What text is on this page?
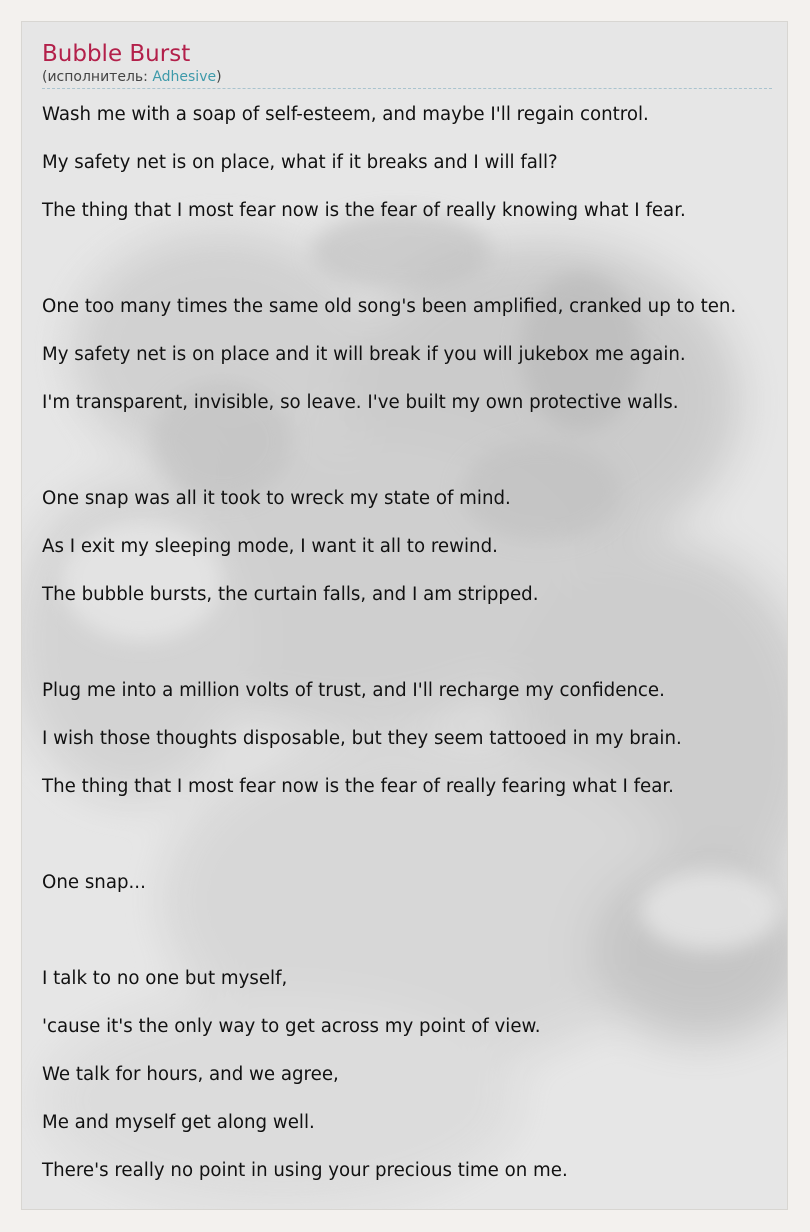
Bubble Burst
(исполнитель: Adhesive)
Wash me with a soap of self-esteem, and maybe I'll regain control.
My safety net is on place, what if it breaks and I will fall?
The thing that I most fear now is the fear of really knowing what I fear.
One too many times the same old song's been amplified, cranked up to ten.
My safety net is on place and it will break if you will jukebox me again.
I'm transparent, invisible, so leave. I've built my own protective walls.
One snap was all it took to wreck my state of mind.
As I exit my sleeping mode, I want it all to rewind.
The bubble bursts, the curtain falls, and I am stripped.
Plug me into a million volts of trust, and I'll recharge my confidence.
I wish those thoughts disposable, but they seem tattooed in my brain.
The thing that I most fear now is the fear of really fearing what I fear.
One snap...
I talk to no one but myself,
'cause it's the only way to get across my point of view.
We talk for hours, and we agree,
Me and myself get along well.
There's really no point in using your precious time on me.
